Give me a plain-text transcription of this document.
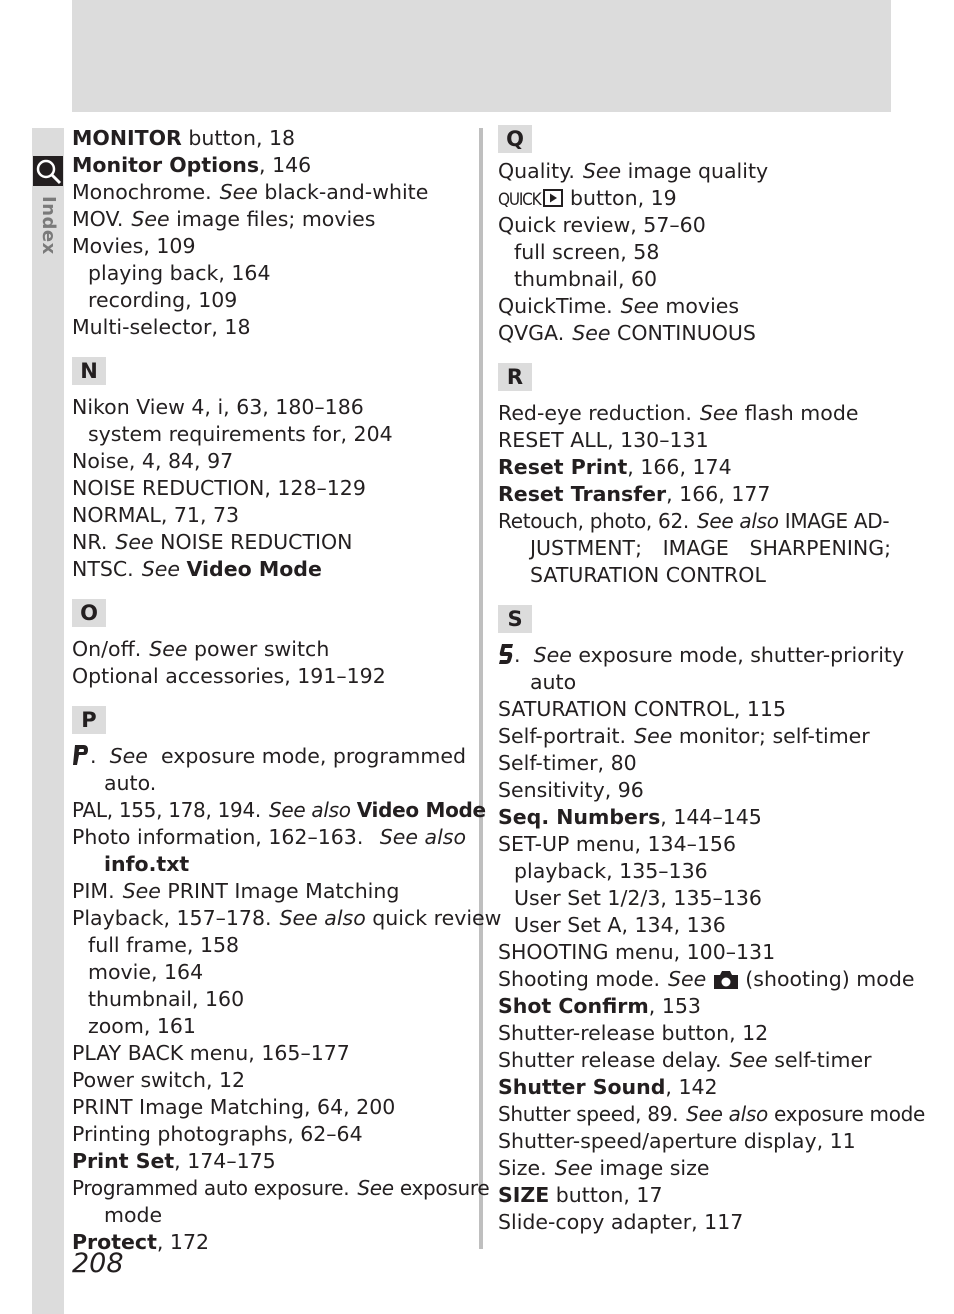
Index
MONITOR button, 18
Monitor Options, 146
Monochrome. See black-and-white
MOV. See image files; movies
Movies, 109
playing back, 164
recording, 109
Multi-selector, 18
N
Nikon View 4, i, 63, 180–186
system requirements for, 204
Noise, 4, 84, 97
NOISE REDUCTION, 128–129
NORMAL, 71, 73
NR. See NOISE REDUCTION
NTSC. See Video Mode
O
On/off. See power switch
Optional accessories, 191–192
P
. See exposure mode, programmed
auto.
PAL, 155, 178, 194. See also Video Mode
Photo information, 162–163. See also
info.txt
PIM. See PRINT Image Matching
Playback, 157–178. See also quick review
full frame, 158
movie, 164
thumbnail, 160
zoom, 161
PLAY BACK menu, 165–177
Power switch, 12
PRINT Image Matching, 64, 200
Printing photographs, 62–64
Print Set, 174–175
Programmed auto exposure. See exposure
mode
Protect, 172
Q
Quality. See image quality
QUICK button, 19
Quick review, 57–60
full screen, 58
thumbnail, 60
QuickTime. See movies
QVGA. See CONTINUOUS
R
Red-eye reduction. See flash mode
RESET ALL, 130–131
Reset Print, 166, 174
Reset Transfer, 166, 177
Retouch, photo, 62. See also IMAGE AD-
JUSTMENT; IMAGE SHARPENING;
SATURATION CONTROL
S
. See exposure mode, shutter-priority
auto
SATURATION CONTROL, 115
Self-portrait. See monitor; self-timer
Self-timer, 80
Sensitivity, 96
Seq. Numbers, 144–145
SET-UP menu, 134–156
playback, 135–136
User Set 1/2/3, 135–136
User Set A, 134, 136
SHOOTING menu, 100–131
Shooting mode. See  (shooting) mode
Shot Confirm, 153
Shutter-release button, 12
Shutter release delay. See self-timer
Shutter Sound, 142
Shutter speed, 89. See also exposure mode
Shutter-speed/aperture display, 11
Size. See image size
SIZE button, 17
Slide-copy adapter, 117
208
